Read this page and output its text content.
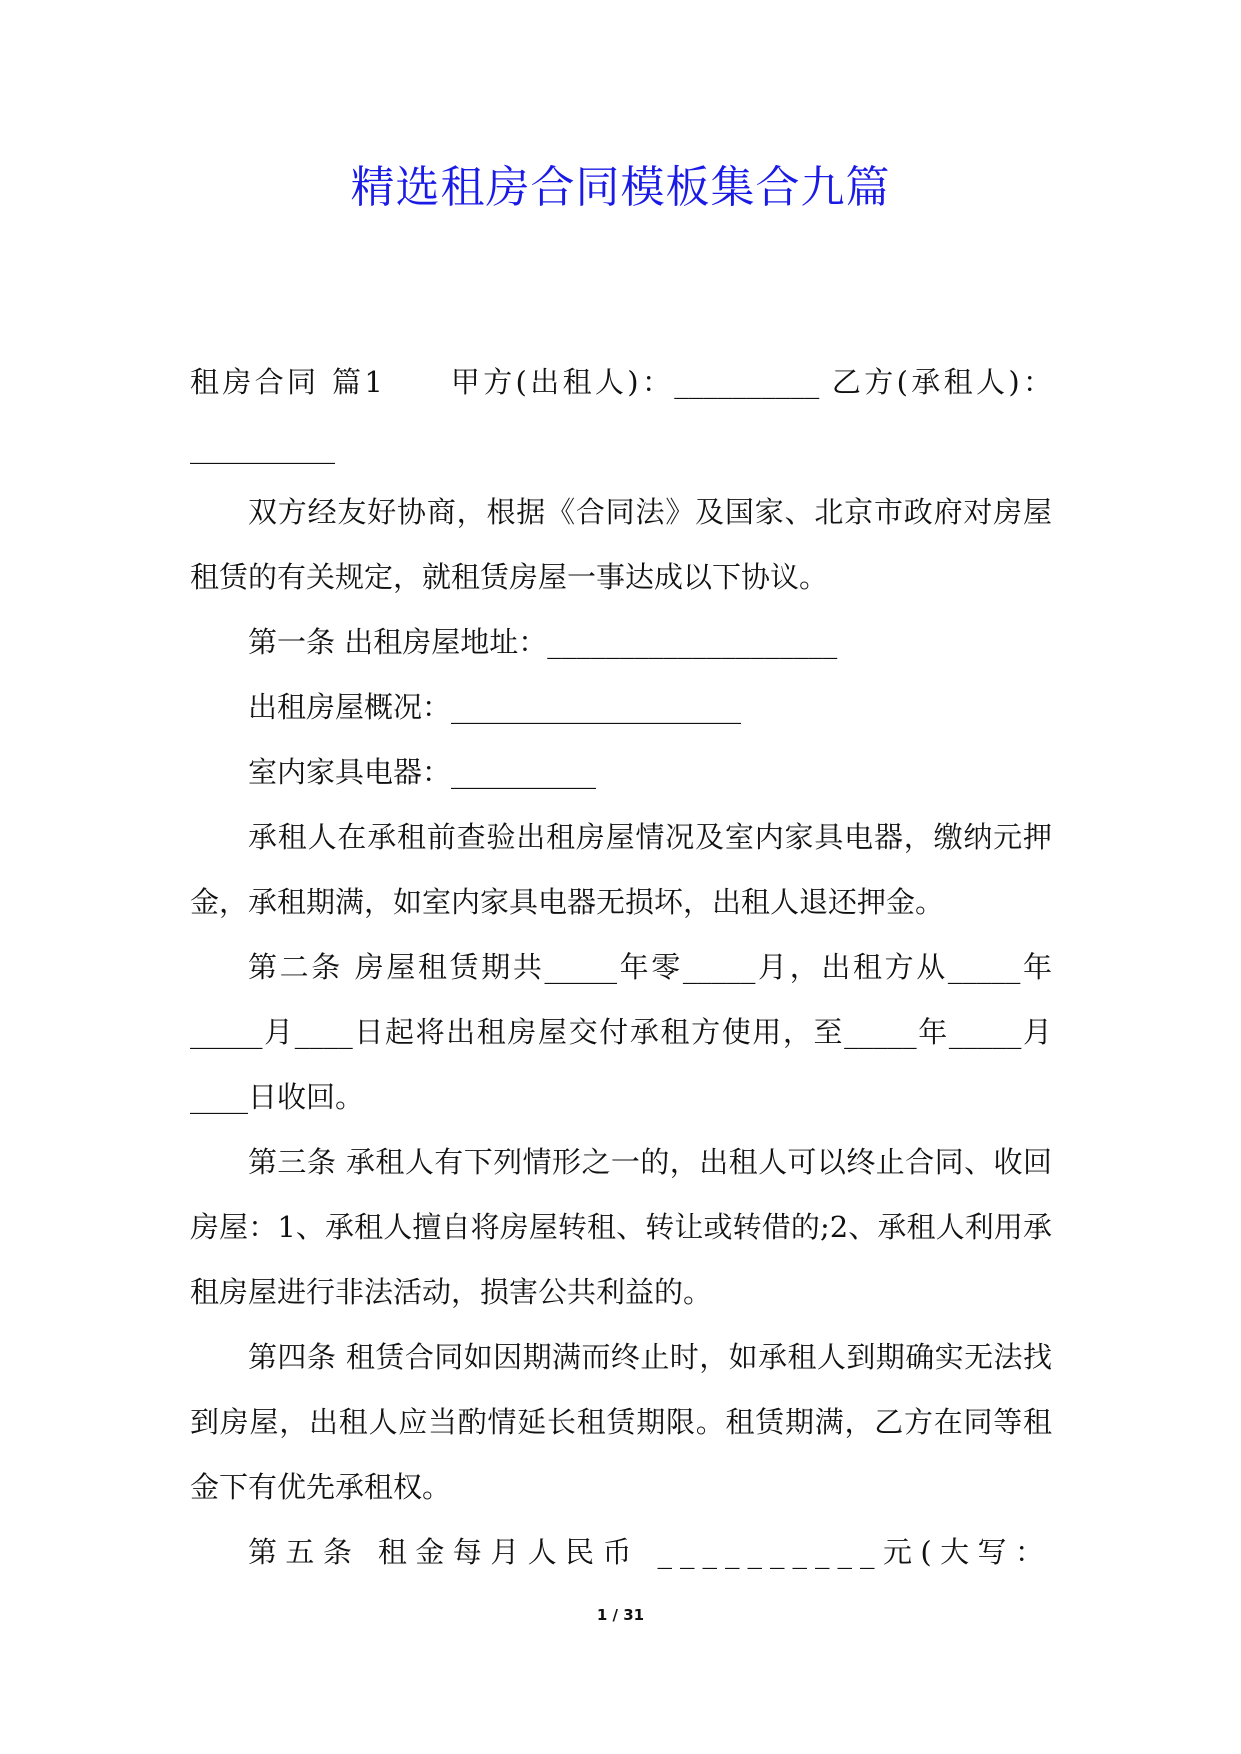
精选租房合同模板集合九篇

租房合同 篇1　　甲方(出租人)：__________ 乙方(承租人)：__________

双方经友好协商，根据《合同法》及国家、北京市政府对房屋租赁的有关规定，就租赁房屋一事达成以下协议。

第一条 出租房屋地址：____________________

出租房屋概况：____________________

室内家具电器：__________

承租人在承租前查验出租房屋情况及室内家具电器，缴纳元押金，承租期满，如室内家具电器无损坏，出租人退还押金。

第二条 房屋租赁期共_____年零_____月，出租方从_____年_____月____日起将出租房屋交付承租方使用，至_____年_____月____日收回。

第三条 承租人有下列情形之一的，出租人可以终止合同、收回房屋：1、承租人擅自将房屋转租、转让或转借的;2、承租人利用承租房屋进行非法活动，损害公共利益的。

第四条 租赁合同如因期满而终止时，如承租人到期确实无法找到房屋，出租人应当酌情延长租赁期限。租赁期满，乙方在同等租金下有优先承租权。

第五条 租金每月人民币 __________元(大写：

1 / 31
